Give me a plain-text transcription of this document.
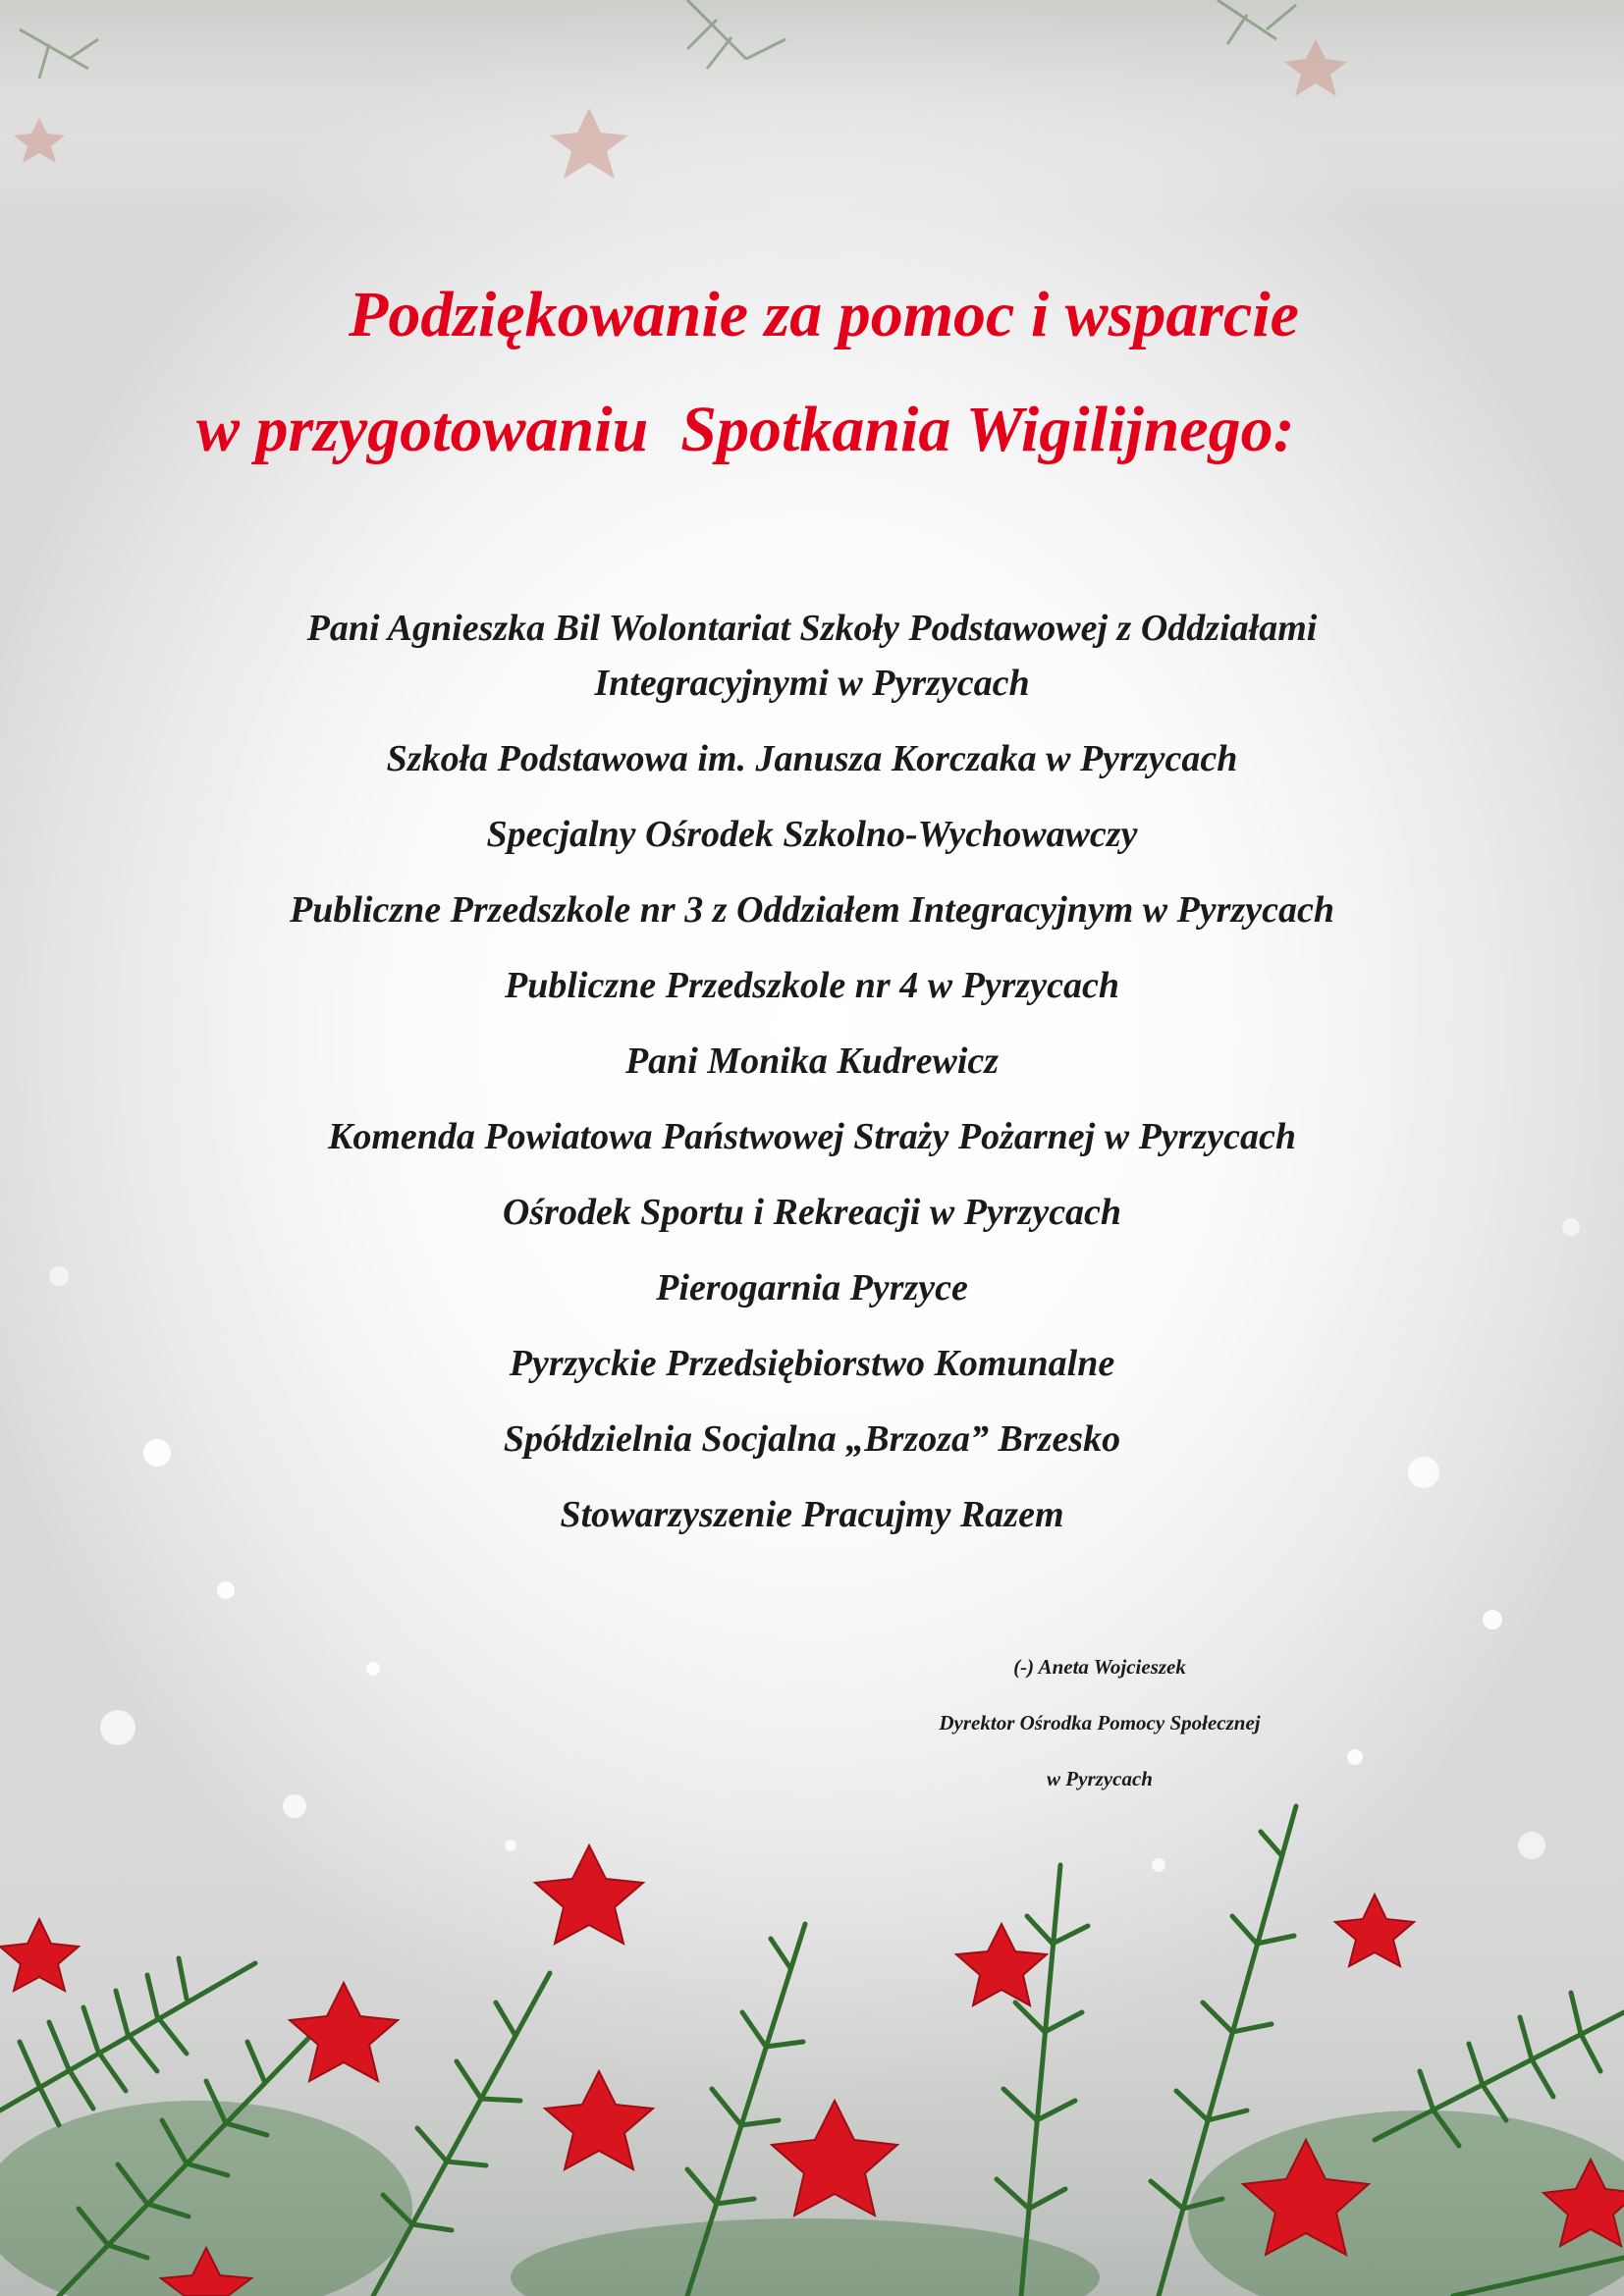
Podziękowanie za pomoc i wsparcie
w przygotowaniu  Spotkania Wigilijnego:

Pani Agnieszka Bil Wolontariat Szkoły Podstawowej z Oddziałami Integracyjnymi w Pyrzycach

Szkoła Podstawowa im. Janusza Korczaka w Pyrzycach

Specjalny Ośrodek Szkolno-Wychowawczy

Publiczne Przedszkole nr 3 z Oddziałem Integracyjnym w Pyrzycach

Publiczne Przedszkole nr 4 w Pyrzycach

Pani Monika Kudrewicz

Komenda Powiatowa Państwowej Straży Pożarnej w Pyrzycach

Ośrodek Sportu i Rekreacji w Pyrzycach

Pierogarnia Pyrzyce

Pyrzyckie Przedsiębiorstwo Komunalne

Spółdzielnia Socjalna „Brzoza” Brzesko

Stowarzyszenie Pracujmy Razem

(-) Aneta Wojcieszek
Dyrektor Ośrodka Pomocy Społecznej
w Pyrzycach
